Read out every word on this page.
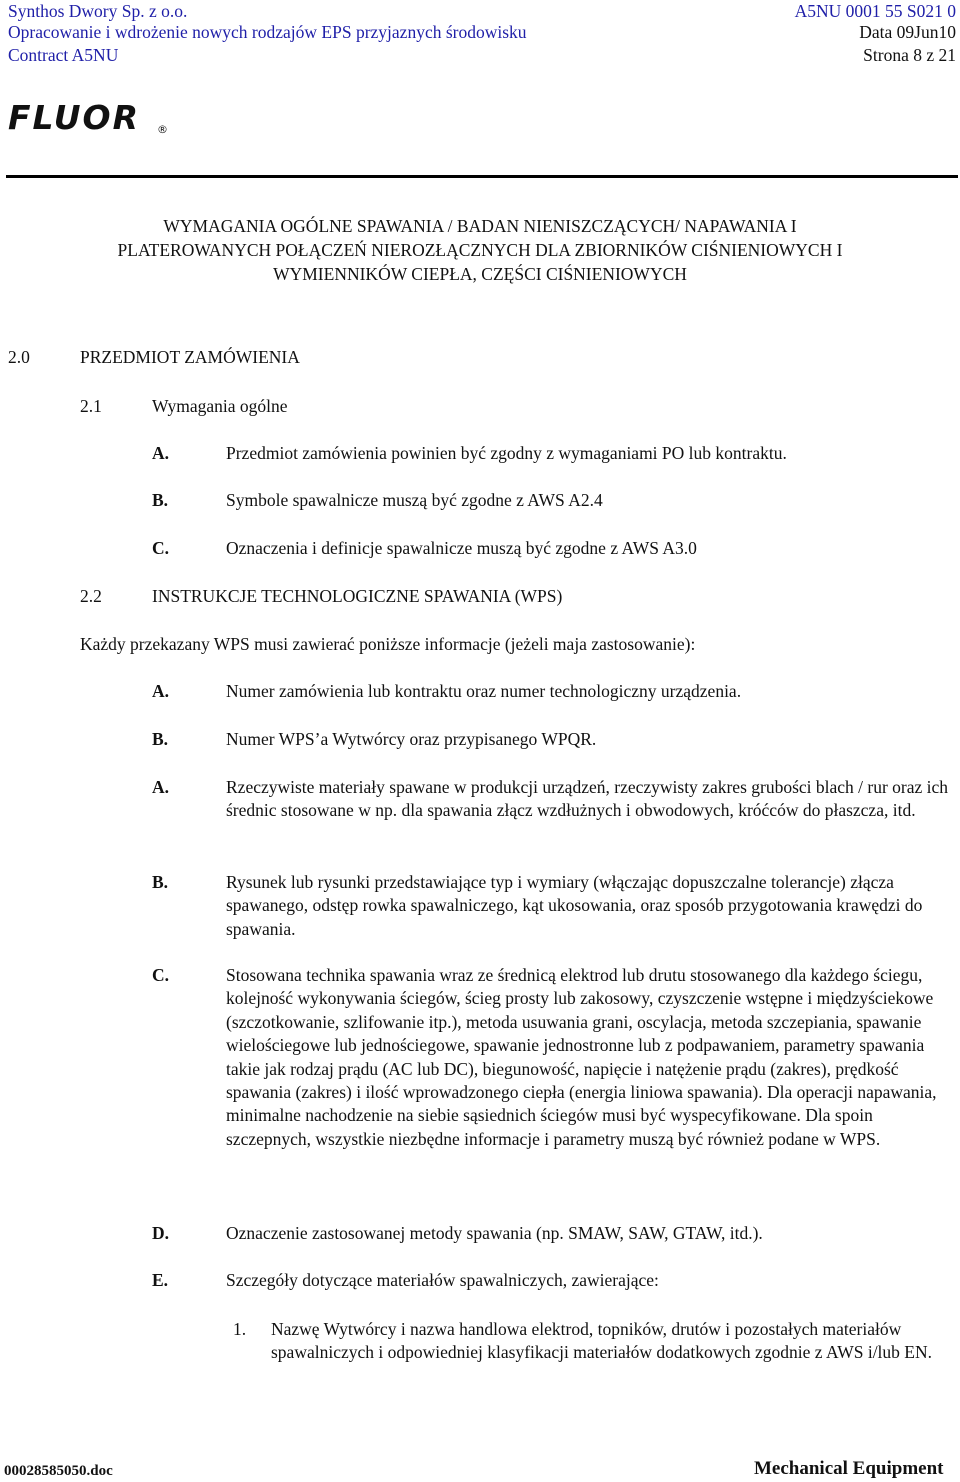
Synthos Dwory Sp. z o.o.	A5NU 0001 55 S021 0
Opracowanie i wdrożenie nowych rodzajów EPS przyjaznych środowisku	Data 09Jun10
Contract A5NU	Strona 8 z 21
FLUOR ®
WYMAGANIA OGÓLNE SPAWANIA / BADAN NIENISZCZĄCYCH/ NAPAWANIA I
PLATEROWANYCH POŁĄCZEŃ NIEROZŁĄCZNYCH DLA ZBIORNIKÓW CIŚNIENIOWYCH I
WYMIENNIKÓW CIEPŁA, CZĘŚCI CIŚNIENIOWYCH
2.0	PRZEDMIOT ZAMÓWIENIA
2.1	Wymagania ogólne
A.	Przedmiot zamówienia powinien być zgodny z wymaganiami PO lub kontraktu.
B.	Symbole spawalnicze muszą być zgodne z AWS A2.4
C.	Oznaczenia i definicje spawalnicze muszą być zgodne z AWS A3.0
2.2	INSTRUKCJE TECHNOLOGICZNE SPAWANIA (WPS)
Każdy przekazany WPS musi zawierać poniższe informacje (jeżeli maja zastosowanie):
A.	Numer zamówienia lub kontraktu oraz numer technologiczny urządzenia.
B.	Numer WPS’a Wytwórcy oraz przypisanego WPQR.
A.	Rzeczywiste materiały spawane w produkcji urządzeń, rzeczywisty zakres grubości blach / rur oraz ich średnic stosowane w np. dla spawania złącz wzdłużnych i obwodowych, króćców do płaszcza, itd.
B.	Rysunek lub rysunki przedstawiające typ i wymiary (włączając dopuszczalne tolerancje) złącza spawanego, odstęp rowka spawalniczego, kąt ukosowania, oraz sposób przygotowania krawędzi do spawania.
C.	Stosowana technika spawania wraz ze średnicą elektrod lub drutu stosowanego dla każdego ściegu, kolejność wykonywania ściegów, ścieg prosty lub zakosowy, czyszczenie wstępne i międzyściekowe (szczotkowanie, szlifowanie itp.), metoda usuwania grani, oscylacja, metoda szczepiania, spawanie wielościegowe lub jednościegowe, spawanie jednostronne lub z podpawaniem, parametry spawania takie jak rodzaj prądu (AC lub DC), biegunowość, napięcie i natężenie prądu (zakres), prędkość spawania (zakres) i ilość wprowadzonego ciepła (energia liniowa spawania). Dla operacji napawania, minimalne nachodzenie na siebie sąsiednich ściegów musi być wyspecyfikowane. Dla spoin szczepnych, wszystkie niezbędne informacje i parametry muszą być również podane w WPS.
D.	Oznaczenie zastosowanej metody spawania (np. SMAW, SAW, GTAW, itd.).
E.	Szczegóły dotyczące materiałów spawalniczych, zawierające:
1. Nazwę Wytwórcy i nazwa handlowa elektrod, topników, drutów i pozostałych materiałów spawalniczych i odpowiedniej klasyfikacji materiałów dodatkowych zgodnie z AWS i/lub EN.
00028585050.doc	Mechanical Equipment
